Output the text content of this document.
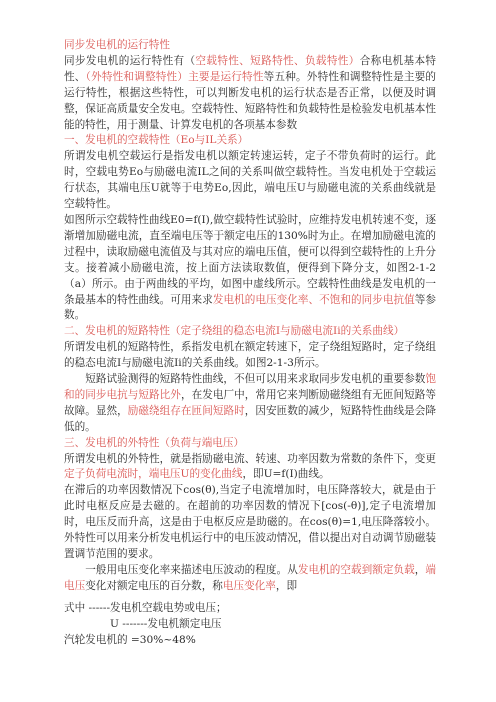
同步发电机的运行特性

同步发电机的运行特性有（空载特性、短路特性、负载特性）合称电机基本特性、（外特性和调整特性）主要是运行特性等五种。外特性和调整特性是主要的运行特性，根据这些特性，可以判断发电机的运行状态是否正常，以便及时调整，保证高质量安全发电。空载特性、短路特性和负载特性是检验发电机基本性能的特性，用于测量、计算发电机的各项基本参数

一、发电机的空载特性（Eo与IL关系）

所谓发电机空载运行是指发电机以额定转速运转，定子不带负荷时的运行。此时，空载电势Eo与励磁电流IL之间的关系叫做空载特性。当发电机处于空载运行状态，其端电压U就等于电势Eo,因此，端电压U与励磁电流的关系曲线就是空载特性。

如图所示空载特性曲线E0=f(I),做空载特性试验时，应维持发电机转速不变，逐渐增加励磁电流，直至端电压等于额定电压的130%时为止。在增加励磁电流的过程中，读取励磁电流值及与其对应的端电压值，便可以得到空载特性的上升分支。接着减小励磁电流，按上面方法读取数值，便得到下降分支，如图2-1-2（a）所示。由于两曲线的平均，如图中虚线所示。空载特性曲线是发电机的一条最基本的特性曲线。可用来求发电机的电压变化率、不饱和的同步电抗值等参数。

二、发电机的短路特性（定子绕组的稳态电流I与励磁电流Ii的关系曲线）

所谓发电机的短路特性，系指发电机在额定转速下，定子绕组短路时，定子绕组的稳态电流I与励磁电流Ii的关系曲线。如图2-1-3所示。

短路试验测得的短路特性曲线，不但可以用来求取同步发电机的重要参数饱和的同步电抗与短路比外，在发电厂中，常用它来判断励磁绕组有无匝间短路等故障。显然，励磁绕组存在匝间短路时，因安匝数的减少，短路特性曲线是会降低的。

三、发电机的外特性（负荷与端电压）

所谓发电机的外特性，就是指励磁电流、转速、功率因数为常数的条件下，变更定子负荷电流时，端电压U的变化曲线，即U=f(I)曲线。

在滞后的功率因数情况下cos(θ),当定子电流增加时，电压降落较大，就是由于此时电枢反应是去磁的。在超前的功率因数的情况下[cos(-θ)],定子电流增加时，电压反而升高，这是由于电枢反应是助磁的。在cos(θ)=1,电压降落较小。外特性可以用来分析发电机运行中的电压波动情况，借以提出对自动调节励磁装置调节范围的要求。

一般用电压变化率来描述电压波动的程度。从发电机的空载到额定负载，端电压变化对额定电压的百分数，称电压变化率，即

式中 ------发电机空载电势或电压；

U -------发电机额定电压

汽轮发电机的 =30%~48%
